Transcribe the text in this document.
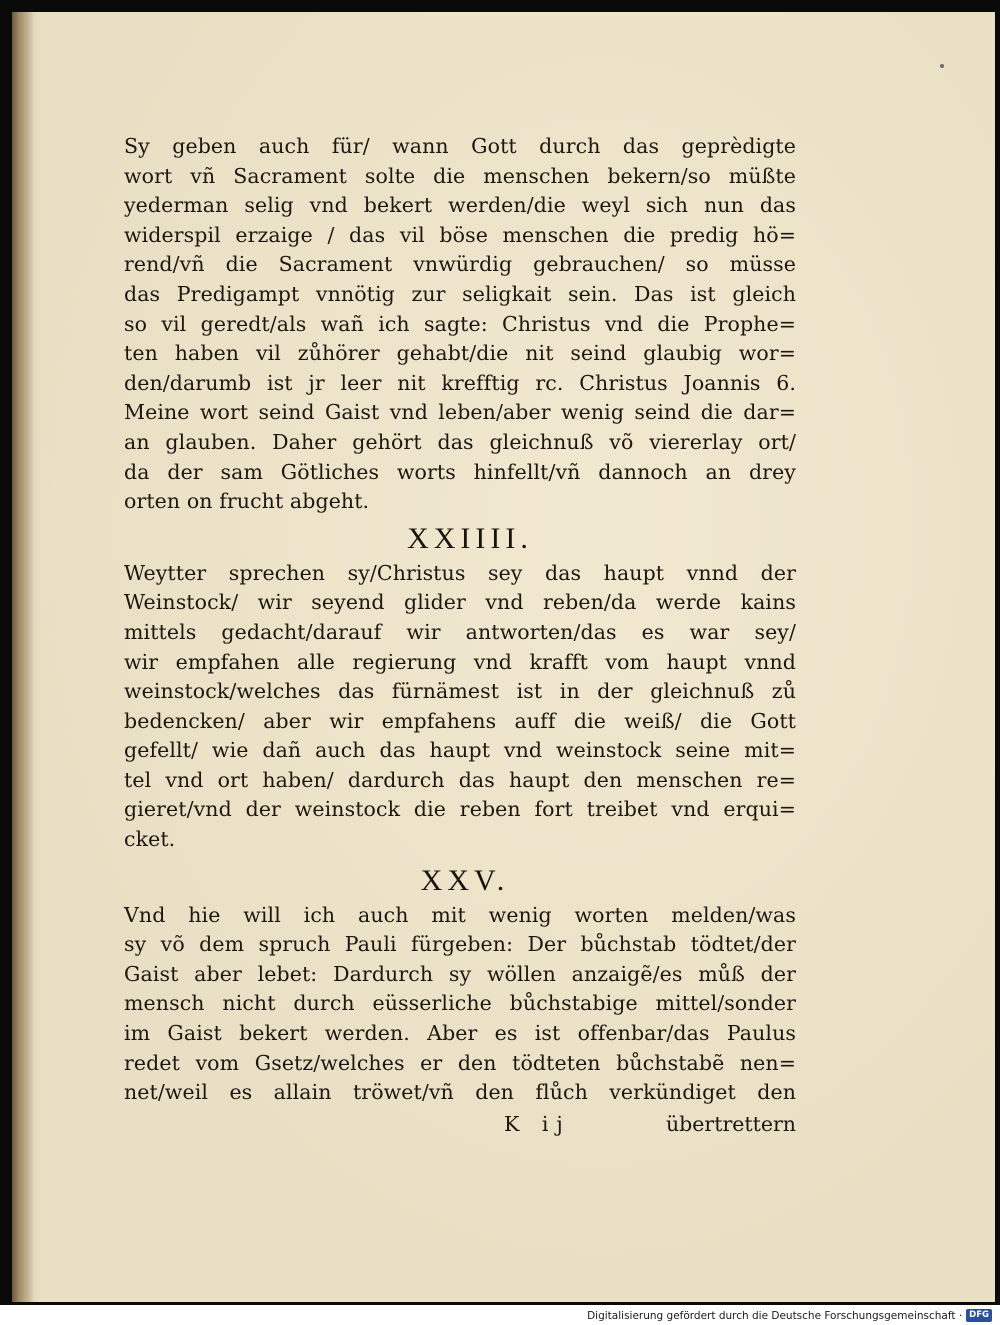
Sy geben auch für/ wann Gott durch das geprèdigte
wort vñ Sacrament solte die menschen bekern/so müßte
yederman selig vnd bekert werden/die weyl sich nun das
widerspil erzaige / das vil böse menschen die predig hö=
rend/vñ die Sacrament vnwürdig gebrauchen/ so müsse
das Predigampt vnnötig zur seligkait sein. Das ist gleich
so vil geredt/als wañ ich sagte: Christus vnd die Prophe=
ten haben vil zůhörer gehabt/die nit seind glaubig wor=
den/darumb ist jr leer nit krefftig rc. Christus Joannis 6.
Meine wort seind Gaist vnd leben/aber wenig seind die dar=
an glauben. Daher gehört das gleichnuß võ viererlay ort/
da der sam Götliches worts hinfellt/vñ dannoch an drey
orten on frucht abgeht.
XXIIII.
Weytter sprechen sy/Christus sey das haupt vnnd der
Weinstock/ wir seyend glider vnd reben/da werde kains
mittels gedacht/darauf wir antworten/das es war sey/
wir empfahen alle regierung vnd krafft vom haupt vnnd
weinstock/welches das fürnämest ist in der gleichnuß zů
bedencken/ aber wir empfahens auff die weiß/ die Gott
gefellt/ wie dañ auch das haupt vnd weinstock seine mit=
tel vnd ort haben/ dardurch das haupt den menschen re=
gieret/vnd der weinstock die reben fort treibet vnd erqui=
cket.
XXV.
Vnd hie will ich auch mit wenig worten melden/was
sy võ dem spruch Pauli fürgeben: Der bůchstab tödtet/der
Gaist aber lebet: Dardurch sy wöllen anzaigẽ/es můß der
mensch nicht durch eüsserliche bůchstabige mittel/sonder
im Gaist bekert werden. Aber es ist offenbar/das Paulus
redet vom Gsetz/welches er den tödteten bůchstabẽ nen=
net/weil es allain tröwet/vñ den flůch verkündiget den
K ij	übertrettern
Digitalisierung gefördert durch die Deutsche Forschungsgemeinschaft · DFG
